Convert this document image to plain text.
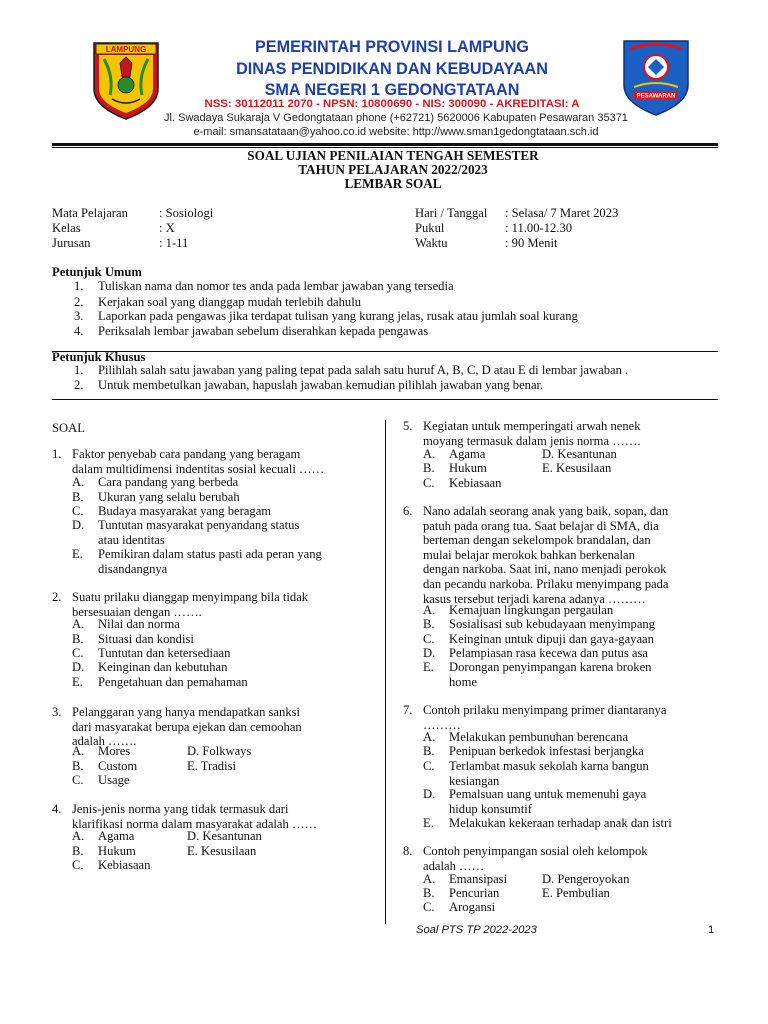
LAMPUNG	PEMERINTAH PROVINSI LAMPUNG
DINAS PENDIDIKAN DAN KEBUDAYAAN
SMA NEGERI 1 GEDONGTATAAN
NSS: 30112011 2070 - NPSN: 10800690 - NIS: 300090 - AKREDITASI: A
Jl. Swadaya Sukaraja V Gedongtataan phone (+62721) 5620006 Kabupaten Pesawaran 35371
e-mail: smansatataan@yahoo.co.id website: http://www.sman1gedongtataan.sch.id
PESAWARAN
SOAL UJIAN PENILAIAN TENGAH SEMESTER
TAHUN PELAJARAN 2022/2023
LEMBAR SOAL
Mata Pelajaran : Sosiologi
Kelas	: X
Jurusan	: 1-11
Hari / Tanggal : Selasa/ 7 Maret 2023
Pukul	: 11.00-12.30
Waktu	: 90 Menit
Petunjuk Umum
1.	Tuliskan nama dan nomor tes anda pada lembar jawaban yang tersedia
2.	Kerjakan soal yang dianggap mudah terlebih dahulu
3.	Laporkan pada pengawas jika terdapat tulisan yang kurang jelas, rusak atau jumlah soal kurang
4.	Periksalah lembar jawaban sebelum diserahkan kepada pengawas
Petunjuk Khusus
1.	Pilihlah salah satu jawaban yang paling tepat pada salah satu huruf A, B, C, D atau E di lembar jawaban .
2.	Untuk membetulkan jawaban, hapuslah jawaban kemudian pilihlah jawaban yang benar.
SOAL
1. Faktor penyebab cara pandang yang beragam
dalam multidimensi indentitas sosial kecuali ……
A. Cara pandang yang berbeda
B. Ukuran yang selalu berubah
C. Budaya masyarakat yang beragam
D. Tuntutan masyarakat penyandang status
atau identitas
E. Pemikiran dalam status pasti ada peran yang
disandangnya
2. Suatu prilaku dianggap menyimpang bila tidak
bersesuaian dengan …….
A. Nilai dan norma
B. Situasi dan kondisi
C. Tuntutan dan ketersediaan
D. Keinginan dan kebutuhan
E. Pengetahuan dan pemahaman
3. Pelanggaran yang hanya mendapatkan sanksi
dari masyarakat berupa ejekan dan cemoohan
adalah …….
A. Mores	D. Folkways
B. Custom	E. Tradisi
C. Usage
4. Jenis-jenis norma yang tidak termasuk dari
klarifikasi norma dalam masyarakat adalah ……
A. Agama	D. Kesantunan
B. Hukum	E. Kesusilaan
C. Kebiasaan
5. Kegiatan untuk memperingati arwah nenek
moyang termasuk dalam jenis norma …….
A. Agama	D. Kesantunan
B. Hukum	E. Kesusilaan
C. Kebiasaan
6. Nano adalah seorang anak yang baik, sopan, dan
patuh pada orang tua. Saat belajar di SMA, dia
berteman dengan sekelompok brandalan, dan
mulai belajar merokok bahkan berkenalan
dengan narkoba. Saat ini, nano menjadi perokok
dan pecandu narkoba. Prilaku menyimpang pada
kasus tersebut terjadi karena adanya ………
A. Kemajuan lingkungan pergaulan
B. Sosialisasi sub kebudayaan menyimpang
C. Keinginan untuk dipuji dan gaya-gayaan
D. Pelampiasan rasa kecewa dan putus asa
E. Dorongan penyimpangan karena broken
home
7. Contoh prilaku menyimpang primer diantaranya
………
A. Melakukan pembunuhan berencana
B. Penipuan berkedok infestasi berjangka
C. Terlambat masuk sekolah karna bangun
kesiangan
D. Pemalsuan uang untuk memenuhi gaya
hidup konsumtif
E. Melakukan kekeraan terhadap anak dan istri
8. Contoh penyimpangan sosial oleh kelompok
adalah ……
A. Emansipasi	D. Pengeroyokan
B. Pencurian	E. Pembulian
C. Arogansi
Soal PTS TP 2022-2023	1
